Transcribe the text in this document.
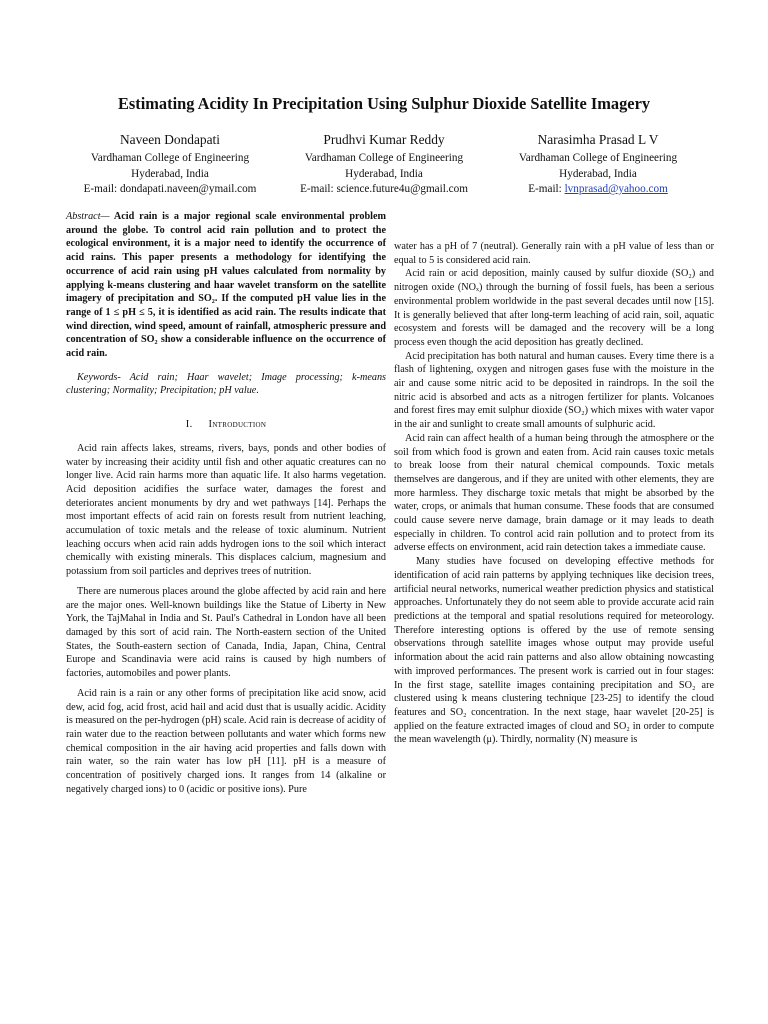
Estimating Acidity In Precipitation Using Sulphur Dioxide Satellite Imagery
Naveen Dondapati
Vardhaman College of Engineering
Hyderabad, India
E-mail: dondapati.naveen@ymail.com
Prudhvi Kumar Reddy
Vardhaman College of Engineering
Hyderabad, India
E-mail: science.future4u@gmail.com
Narasimha Prasad L V
Vardhaman College of Engineering
Hyderabad, India
E-mail: lvnprasad@yahoo.com

Abstract— Acid rain is a major regional scale environmental problem around the globe. To control acid rain pollution and to protect the ecological environment, it is a major need to identify the occurrence of acid rains. This paper presents a methodology for identifying the occurrence of acid rain using pH values calculated from normality by applying k-means clustering and haar wavelet transform on the satellite imagery of precipitation and SO₂. If the computed pH value lies in the range of 1 ≤ pH ≤ 5, it is identified as acid rain. The results indicate that wind direction, wind speed, amount of rainfall, atmospheric pressure and concentration of SO₂ show a considerable influence on the occurrence of acid rain.

Keywords- Acid rain; Haar wavelet; Image processing; k-means clustering; Normality; Precipitation; pH value.

I. Introduction

Acid rain affects lakes, streams, rivers, bays, ponds and other bodies of water by increasing their acidity until fish and other aquatic creatures can no longer live. Acid rain harms more than aquatic life. It also harms vegetation. Acid deposition acidifies the surface water, damages the forest and deteriorates ancient monuments by dry and wet pathways [14]. Perhaps the most important effects of acid rain on forests result from nutrient leaching, accumulation of toxic metals and the release of toxic aluminum. Nutrient leaching occurs when acid rain adds hydrogen ions to the soil which interact chemically with existing minerals. This displaces calcium, magnesium and potassium from soil particles and deprives trees of nutrition.

There are numerous places around the globe affected by acid rain and here are the major ones. Well-known buildings like the Statue of Liberty in New York, the TajMahal in India and St. Paul's Cathedral in London have all been damaged by this sort of acid rain. The North-eastern section of the United States, the South-eastern section of Canada, India, Japan, China, Central Europe and Scandinavia were acid rains is caused by high numbers of factories, automobiles and power plants.

Acid rain is a rain or any other forms of precipitation like acid snow, acid dew, acid fog, acid frost, acid hail and acid dust that is usually acidic. Acidity is measured on the per-hydrogen (pH) scale. Acid rain is decrease of acidity of rain water due to the reaction between pollutants and water which forms new chemical composition in the air having acid properties and falls down with rain water, so the rain water has low pH [11]. pH is a measure of concentration of positively charged ions. It ranges from 14 (alkaline or negatively charged ions) to 0 (acidic or positive ions). Pure

water has a pH of 7 (neutral). Generally rain with a pH value of less than or equal to 5 is considered acid rain.

Acid rain or acid deposition, mainly caused by sulfur dioxide (SO₂) and nitrogen oxide (NOₓ) through the burning of fossil fuels, has been a serious environmental problem worldwide in the past several decades until now [15]. It is generally believed that after long-term leaching of acid rain, soil, aquatic ecosystem and forests will be damaged and the recovery will be a long process even though the acid deposition has greatly declined.

Acid precipitation has both natural and human causes. Every time there is a flash of lightening, oxygen and nitrogen gases fuse with the moisture in the air and cause some nitric acid to be deposited in raindrops. In the soil the nitric acid is absorbed and acts as a nitrogen fertilizer for plants. Volcanoes and forest fires may emit sulphur dioxide (SO₂) which mixes with water vapor in the air and sunlight to create small amounts of sulphuric acid.

Acid rain can affect health of a human being through the atmosphere or the soil from which food is grown and eaten from. Acid rain causes toxic metals to break loose from their natural chemical compounds. Toxic metals themselves are dangerous, and if they are united with other elements, they are more harmless. They discharge toxic metals that might be absorbed by the water, crops, or animals that human consume. These foods that are consumed could cause severe nerve damage, brain damage or it may leads to death especially in children. To control acid rain pollution and to protect from its adverse effects on environment, acid rain detection takes a immediate cause.

Many studies have focused on developing effective methods for identification of acid rain patterns by applying techniques like decision trees, artificial neural networks, numerical weather prediction physics and statistical approaches. Unfortunately they do not seem able to provide accurate acid rain predictions at the temporal and spatial resolutions required for meteorology. Therefore interesting options is offered by the use of remote sensing observations through satellite images whose output may provide useful information about the acid rain patterns and also allow obtaining nowcasting with improved performances. The present work is carried out in four stages: In the first stage, satellite images containing precipitation and SO₂ are clustered using k means clustering technique [23-25] to identify the cloud features and SO₂ concentration. In the next stage, haar wavelet [20-25] is applied on the feature extracted images of cloud and SO₂ in order to compute the mean wavelength (μ). Thirdly, normality (N) measure is
